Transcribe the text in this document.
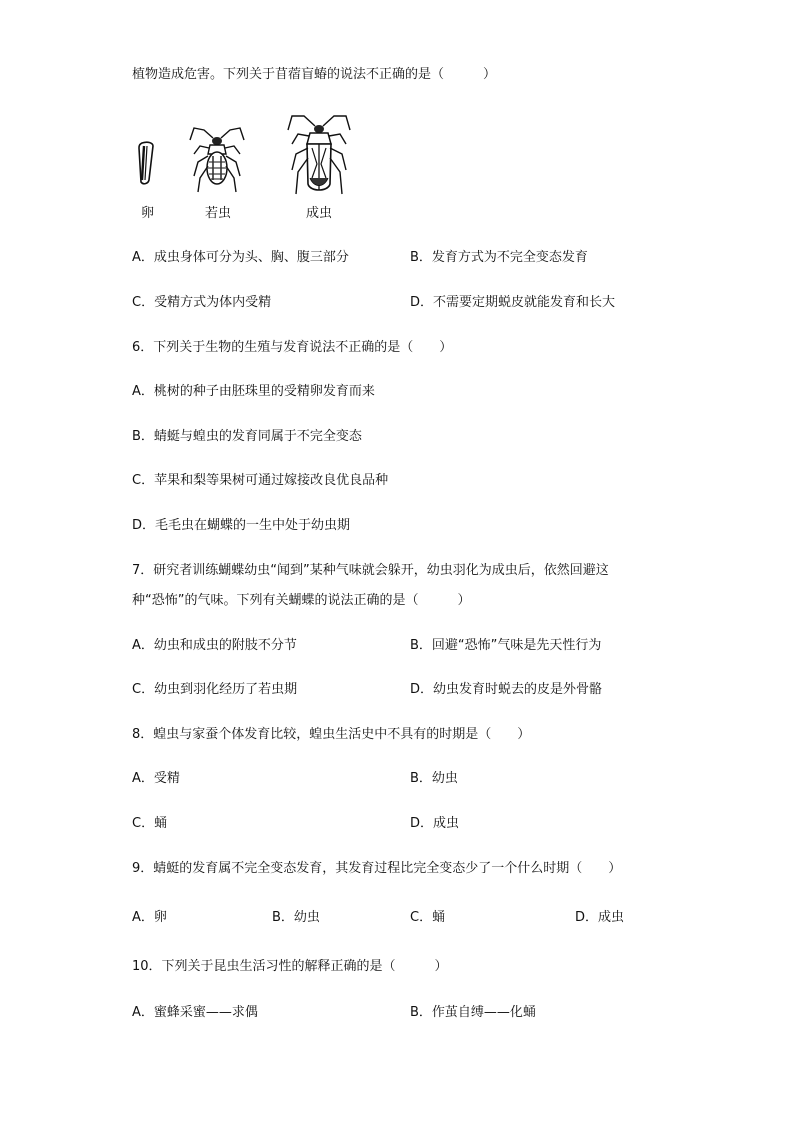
植物造成危害。下列关于苜蓿盲蝽的说法不正确的是（　　　）
卵	若虫	成虫
A．成虫身体可分为头、胸、腹三部分	B．发育方式为不完全变态发育
C．受精方式为体内受精	D．不需要定期蜕皮就能发育和长大
6．下列关于生物的生殖与发育说法不正确的是（　　）
A．桃树的种子由胚珠里的受精卵发育而来
B．蜻蜓与蝗虫的发育同属于不完全变态
C．苹果和梨等果树可通过嫁接改良优良品种
D．毛毛虫在蝴蝶的一生中处于幼虫期
7．研究者训练蝴蝶幼虫“闻到”某种气味就会躲开，幼虫羽化为成虫后，依然回避这
种“恐怖”的气味。下列有关蝴蝶的说法正确的是（　　　）
A．幼虫和成虫的附肢不分节	B．回避“恐怖”气味是先天性行为
C．幼虫到羽化经历了若虫期	D．幼虫发育时蜕去的皮是外骨骼
8．蝗虫与家蚕个体发育比较，蝗虫生活史中不具有的时期是（　　）
A．受精	B．幼虫
C．蛹	D．成虫
9．蜻蜓的发育属不完全变态发育，其发育过程比完全变态少了一个什么时期（　　）
A．卵	B．幼虫	C．蛹	D．成虫
10．下列关于昆虫生活习性的解释正确的是（　　　）
A．蜜蜂采蜜——求偶	B．作茧自缚——化蛹
